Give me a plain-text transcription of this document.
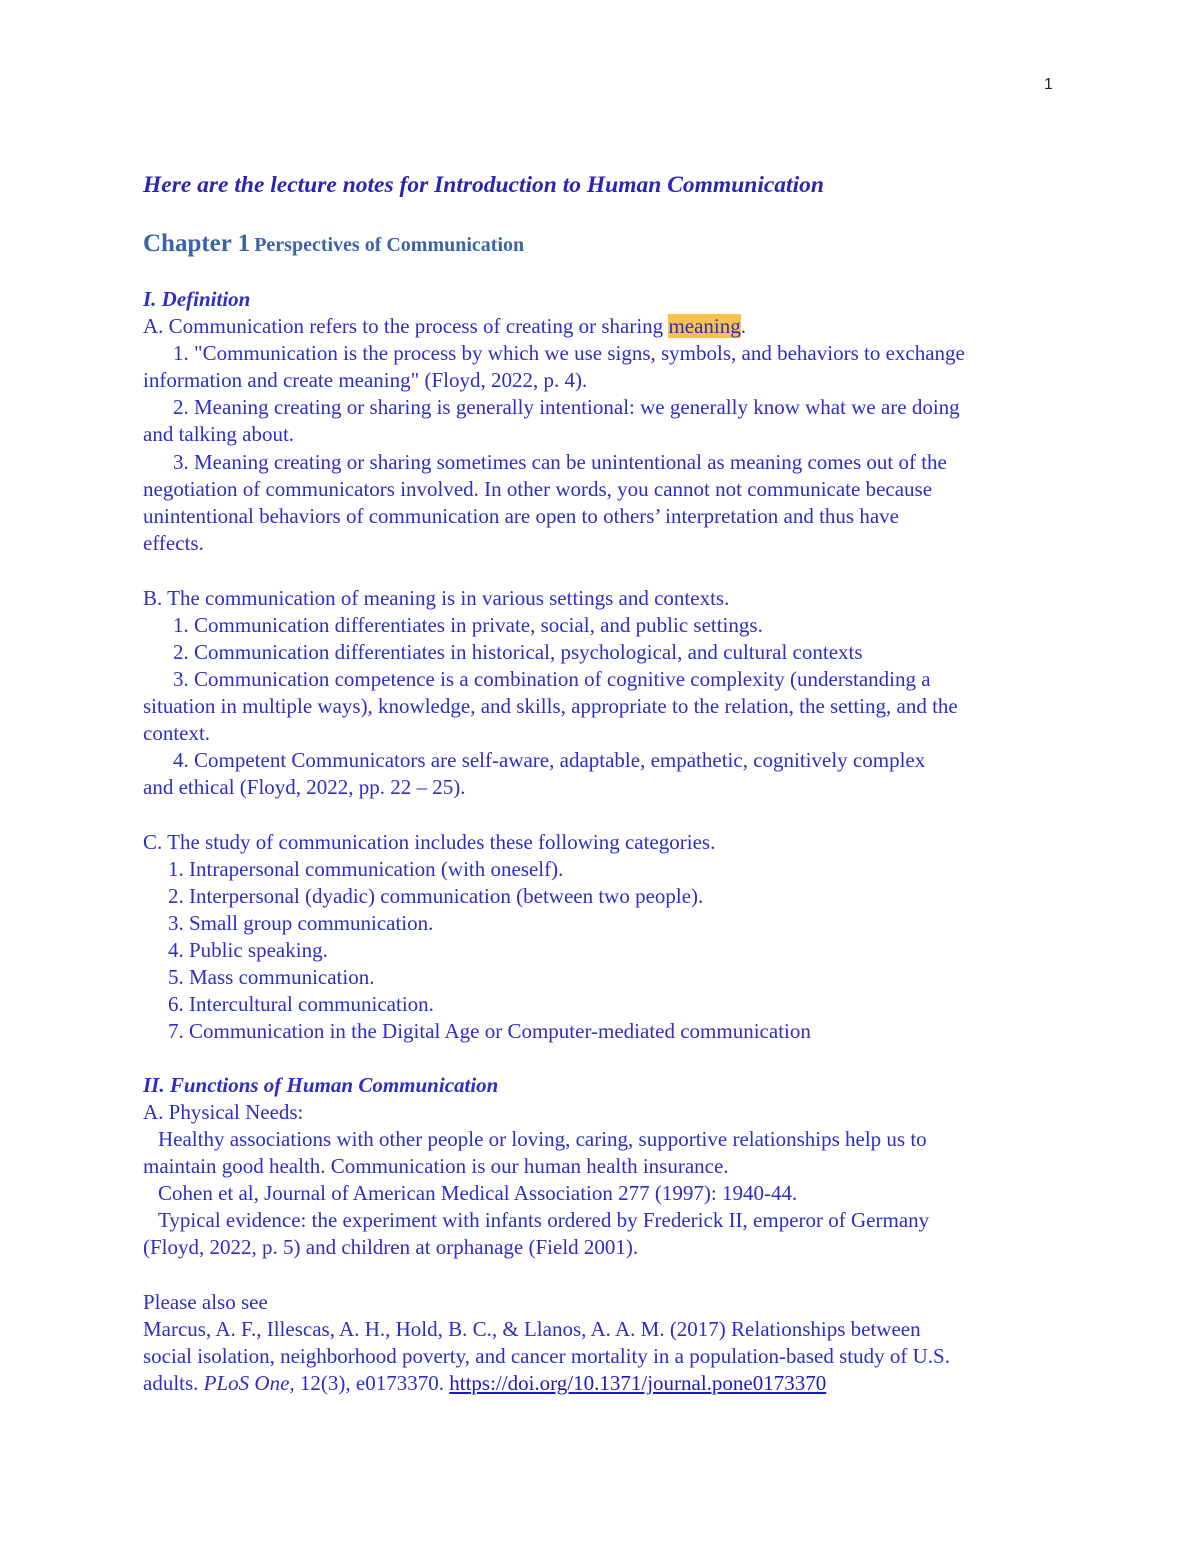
1
Here are the lecture notes for Introduction to Human Communication
Chapter 1 Perspectives of Communication
I. Definition
A. Communication refers to the process of creating or sharing meaning.
1. "Communication is the process by which we use signs, symbols, and behaviors to exchange
information and create meaning" (Floyd, 2022, p. 4).
2. Meaning creating or sharing is generally intentional: we generally know what we are doing
and talking about.
3. Meaning creating or sharing sometimes can be unintentional as meaning comes out of the
negotiation of communicators involved. In other words, you cannot not communicate because
unintentional behaviors of communication are open to others’ interpretation and thus have
effects.
B. The communication of meaning is in various settings and contexts.
1. Communication differentiates in private, social, and public settings.
2. Communication differentiates in historical, psychological, and cultural contexts
3. Communication competence is a combination of cognitive complexity (understanding a
situation in multiple ways), knowledge, and skills, appropriate to the relation, the setting, and the
context.
4. Competent Communicators are self-aware, adaptable, empathetic, cognitively complex
and ethical (Floyd, 2022, pp. 22 – 25).
C. The study of communication includes these following categories.
1. Intrapersonal communication (with oneself).
2. Interpersonal (dyadic) communication (between two people).
3. Small group communication.
4. Public speaking.
5. Mass communication.
6. Intercultural communication.
7. Communication in the Digital Age or Computer-mediated communication
II. Functions of Human Communication
A. Physical Needs:
Healthy associations with other people or loving, caring, supportive relationships help us to
maintain good health. Communication is our human health insurance.
Cohen et al, Journal of American Medical Association 277 (1997): 1940-44.
Typical evidence: the experiment with infants ordered by Frederick II, emperor of Germany
(Floyd, 2022, p. 5) and children at orphanage (Field 2001).
Please also see
Marcus, A. F., Illescas, A. H., Hold, B. C., & Llanos, A. A. M. (2017) Relationships between
social isolation, neighborhood poverty, and cancer mortality in a population-based study of U.S.
adults. PLoS One, 12(3), e0173370. https://doi.org/10.1371/journal.pone0173370
